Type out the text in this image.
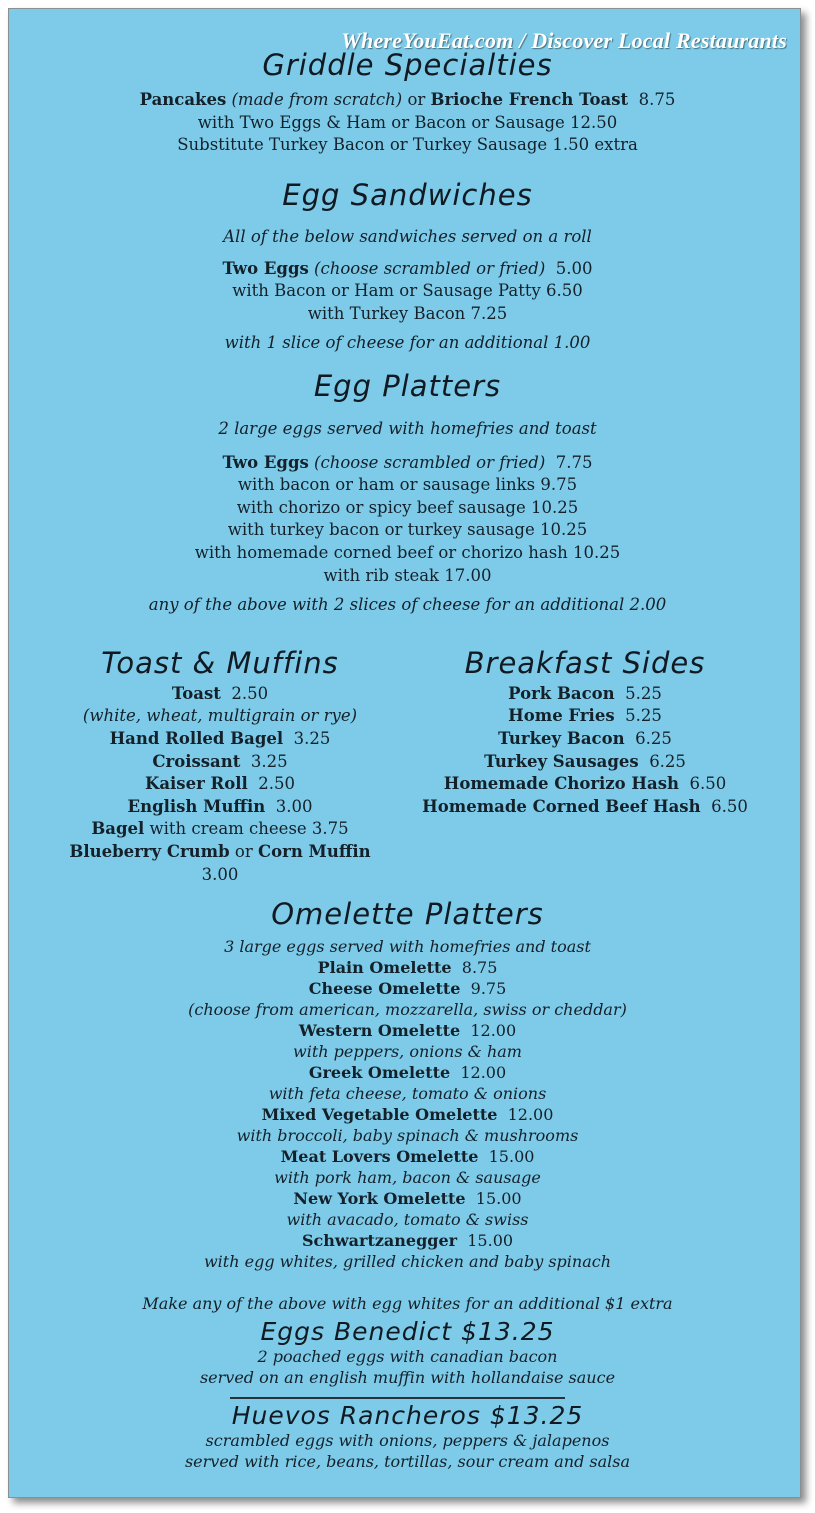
WhereYouEat.com / Discover Local Restaurants
Griddle Specialties
Pancakes (made from scratch) or Brioche French Toast 8.75
with Two Eggs & Ham or Bacon or Sausage 12.50
Substitute Turkey Bacon or Turkey Sausage 1.50 extra
Egg Sandwiches
All of the below sandwiches served on a roll
Two Eggs (choose scrambled or fried) 5.00
with Bacon or Ham or Sausage Patty 6.50
with Turkey Bacon 7.25
with 1 slice of cheese for an additional 1.00
Egg Platters
2 large eggs served with homefries and toast
Two Eggs (choose scrambled or fried) 7.75
with bacon or ham or sausage links 9.75
with chorizo or spicy beef sausage 10.25
with turkey bacon or turkey sausage 10.25
with homemade corned beef or chorizo hash 10.25
with rib steak 17.00
any of the above with 2 slices of cheese for an additional 2.00
Toast & Muffins
Toast 2.50
(white, wheat, multigrain or rye)
Hand Rolled Bagel 3.25
Croissant 3.25
Kaiser Roll 2.50
English Muffin 3.00
Bagel with cream cheese 3.75
Blueberry Crumb or Corn Muffin
3.00
Breakfast Sides
Pork Bacon 5.25
Home Fries 5.25
Turkey Bacon 6.25
Turkey Sausages 6.25
Homemade Chorizo Hash 6.50
Homemade Corned Beef Hash 6.50
Omelette Platters
3 large eggs served with homefries and toast
Plain Omelette 8.75
Cheese Omelette 9.75
(choose from american, mozzarella, swiss or cheddar)
Western Omelette 12.00
with peppers, onions & ham
Greek Omelette 12.00
with feta cheese, tomato & onions
Mixed Vegetable Omelette 12.00
with broccoli, baby spinach & mushrooms
Meat Lovers Omelette 15.00
with pork ham, bacon & sausage
New York Omelette 15.00
with avacado, tomato & swiss
Schwartzanegger 15.00
with egg whites, grilled chicken and baby spinach
Make any of the above with egg whites for an additional $1 extra
Eggs Benedict $13.25
2 poached eggs with canadian bacon
served on an english muffin with hollandaise sauce
Huevos Rancheros $13.25
scrambled eggs with onions, peppers & jalapenos
served with rice, beans, tortillas, sour cream and salsa
